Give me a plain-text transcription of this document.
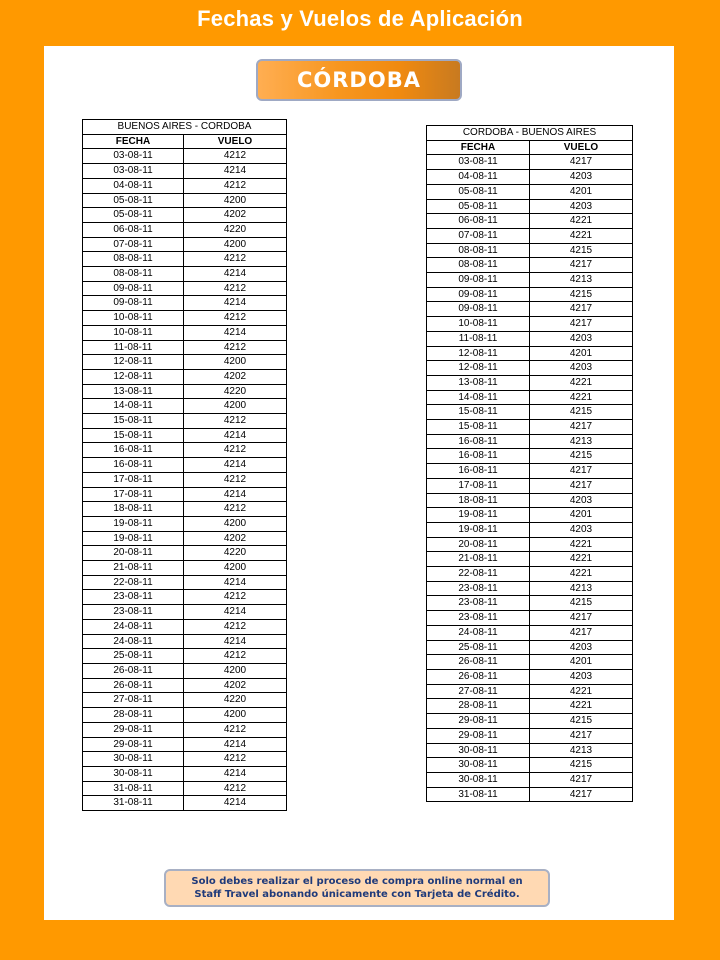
Fechas y Vuelos de Aplicación
CÓRDOBA
BUENOS AIRES - CORDOBA
FECHA	VUELO
03-08-11	4212
03-08-11	4214
04-08-11	4212
05-08-11	4200
05-08-11	4202
06-08-11	4220
07-08-11	4200
08-08-11	4212
08-08-11	4214
09-08-11	4212
09-08-11	4214
10-08-11	4212
10-08-11	4214
11-08-11	4212
12-08-11	4200
12-08-11	4202
13-08-11	4220
14-08-11	4200
15-08-11	4212
15-08-11	4214
16-08-11	4212
16-08-11	4214
17-08-11	4212
17-08-11	4214
18-08-11	4212
19-08-11	4200
19-08-11	4202
20-08-11	4220
21-08-11	4200
22-08-11	4214
23-08-11	4212
23-08-11	4214
24-08-11	4212
24-08-11	4214
25-08-11	4212
26-08-11	4200
26-08-11	4202
27-08-11	4220
28-08-11	4200
29-08-11	4212
29-08-11	4214
30-08-11	4212
30-08-11	4214
31-08-11	4212
31-08-11	4214
CORDOBA - BUENOS AIRES
FECHA	VUELO
03-08-11	4217
04-08-11	4203
05-08-11	4201
05-08-11	4203
06-08-11	4221
07-08-11	4221
08-08-11	4215
08-08-11	4217
09-08-11	4213
09-08-11	4215
09-08-11	4217
10-08-11	4217
11-08-11	4203
12-08-11	4201
12-08-11	4203
13-08-11	4221
14-08-11	4221
15-08-11	4215
15-08-11	4217
16-08-11	4213
16-08-11	4215
16-08-11	4217
17-08-11	4217
18-08-11	4203
19-08-11	4201
19-08-11	4203
20-08-11	4221
21-08-11	4221
22-08-11	4221
23-08-11	4213
23-08-11	4215
23-08-11	4217
24-08-11	4217
25-08-11	4203
26-08-11	4201
26-08-11	4203
27-08-11	4221
28-08-11	4221
29-08-11	4215
29-08-11	4217
30-08-11	4213
30-08-11	4215
30-08-11	4217
31-08-11	4217
Solo debes realizar el proceso de compra online normal en
Staff Travel abonando únicamente con Tarjeta de Crédito.
